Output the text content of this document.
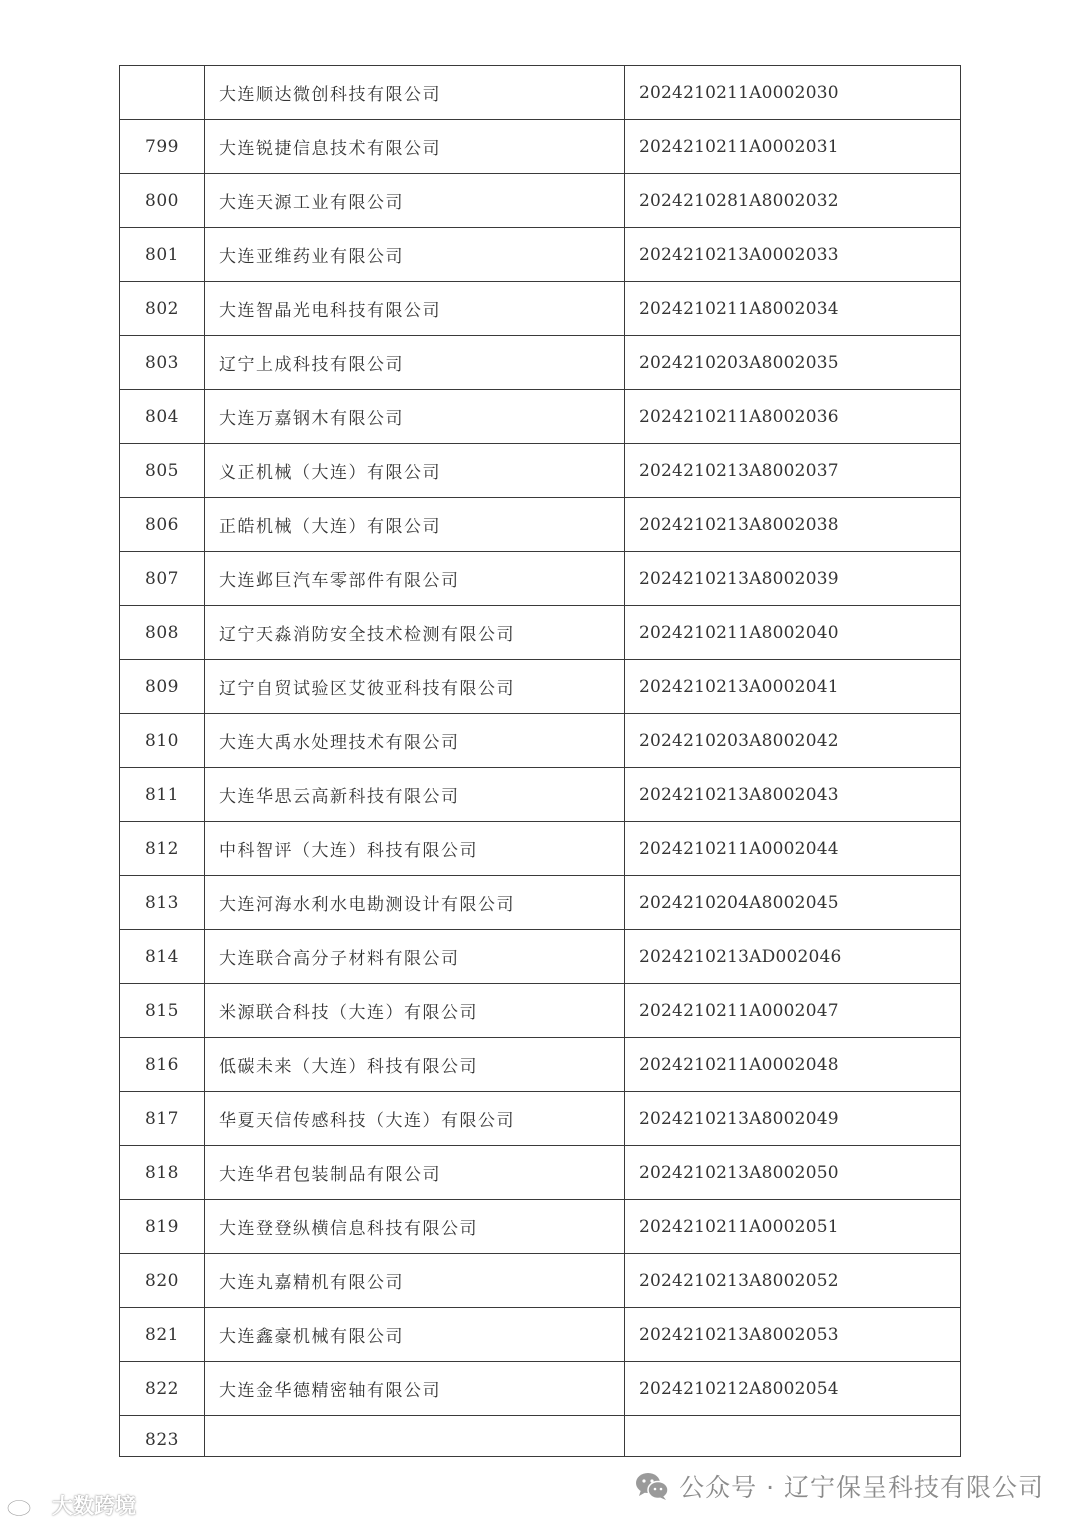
	大连顺达微创科技有限公司	2024210211A0002030
799	大连锐捷信息技术有限公司	2024210211A0002031
800	大连天源工业有限公司	2024210281A8002032
801	大连亚维药业有限公司	2024210213A0002033
802	大连智晶光电科技有限公司	2024210211A8002034
803	辽宁上成科技有限公司	2024210203A8002035
804	大连万嘉钢木有限公司	2024210211A8002036
805	义正机械（大连）有限公司	2024210213A8002037
806	正皓机械（大连）有限公司	2024210213A8002038
807	大连邺巨汽车零部件有限公司	2024210213A8002039
808	辽宁天淼消防安全技术检测有限公司	2024210211A8002040
809	辽宁自贸试验区艾彼亚科技有限公司	2024210213A0002041
810	大连大禹水处理技术有限公司	2024210203A8002042
811	大连华思云高新科技有限公司	2024210213A8002043
812	中科智评（大连）科技有限公司	2024210211A0002044
813	大连河海水利水电勘测设计有限公司	2024210204A8002045
814	大连联合高分子材料有限公司	2024210213AD002046
815	米源联合科技（大连）有限公司	2024210211A0002047
816	低碳未来（大连）科技有限公司	2024210211A0002048
817	华夏天信传感科技（大连）有限公司	2024210213A8002049
818	大连华君包装制品有限公司	2024210213A8002050
819	大连登登纵横信息科技有限公司	2024210211A0002051
820	大连丸嘉精机有限公司	2024210213A8002052
821	大连鑫豪机械有限公司	2024210213A8002053
822	大连金华德精密轴有限公司	2024210212A8002054
823		
公众号 · 辽宁保呈科技有限公司
大数跨境
